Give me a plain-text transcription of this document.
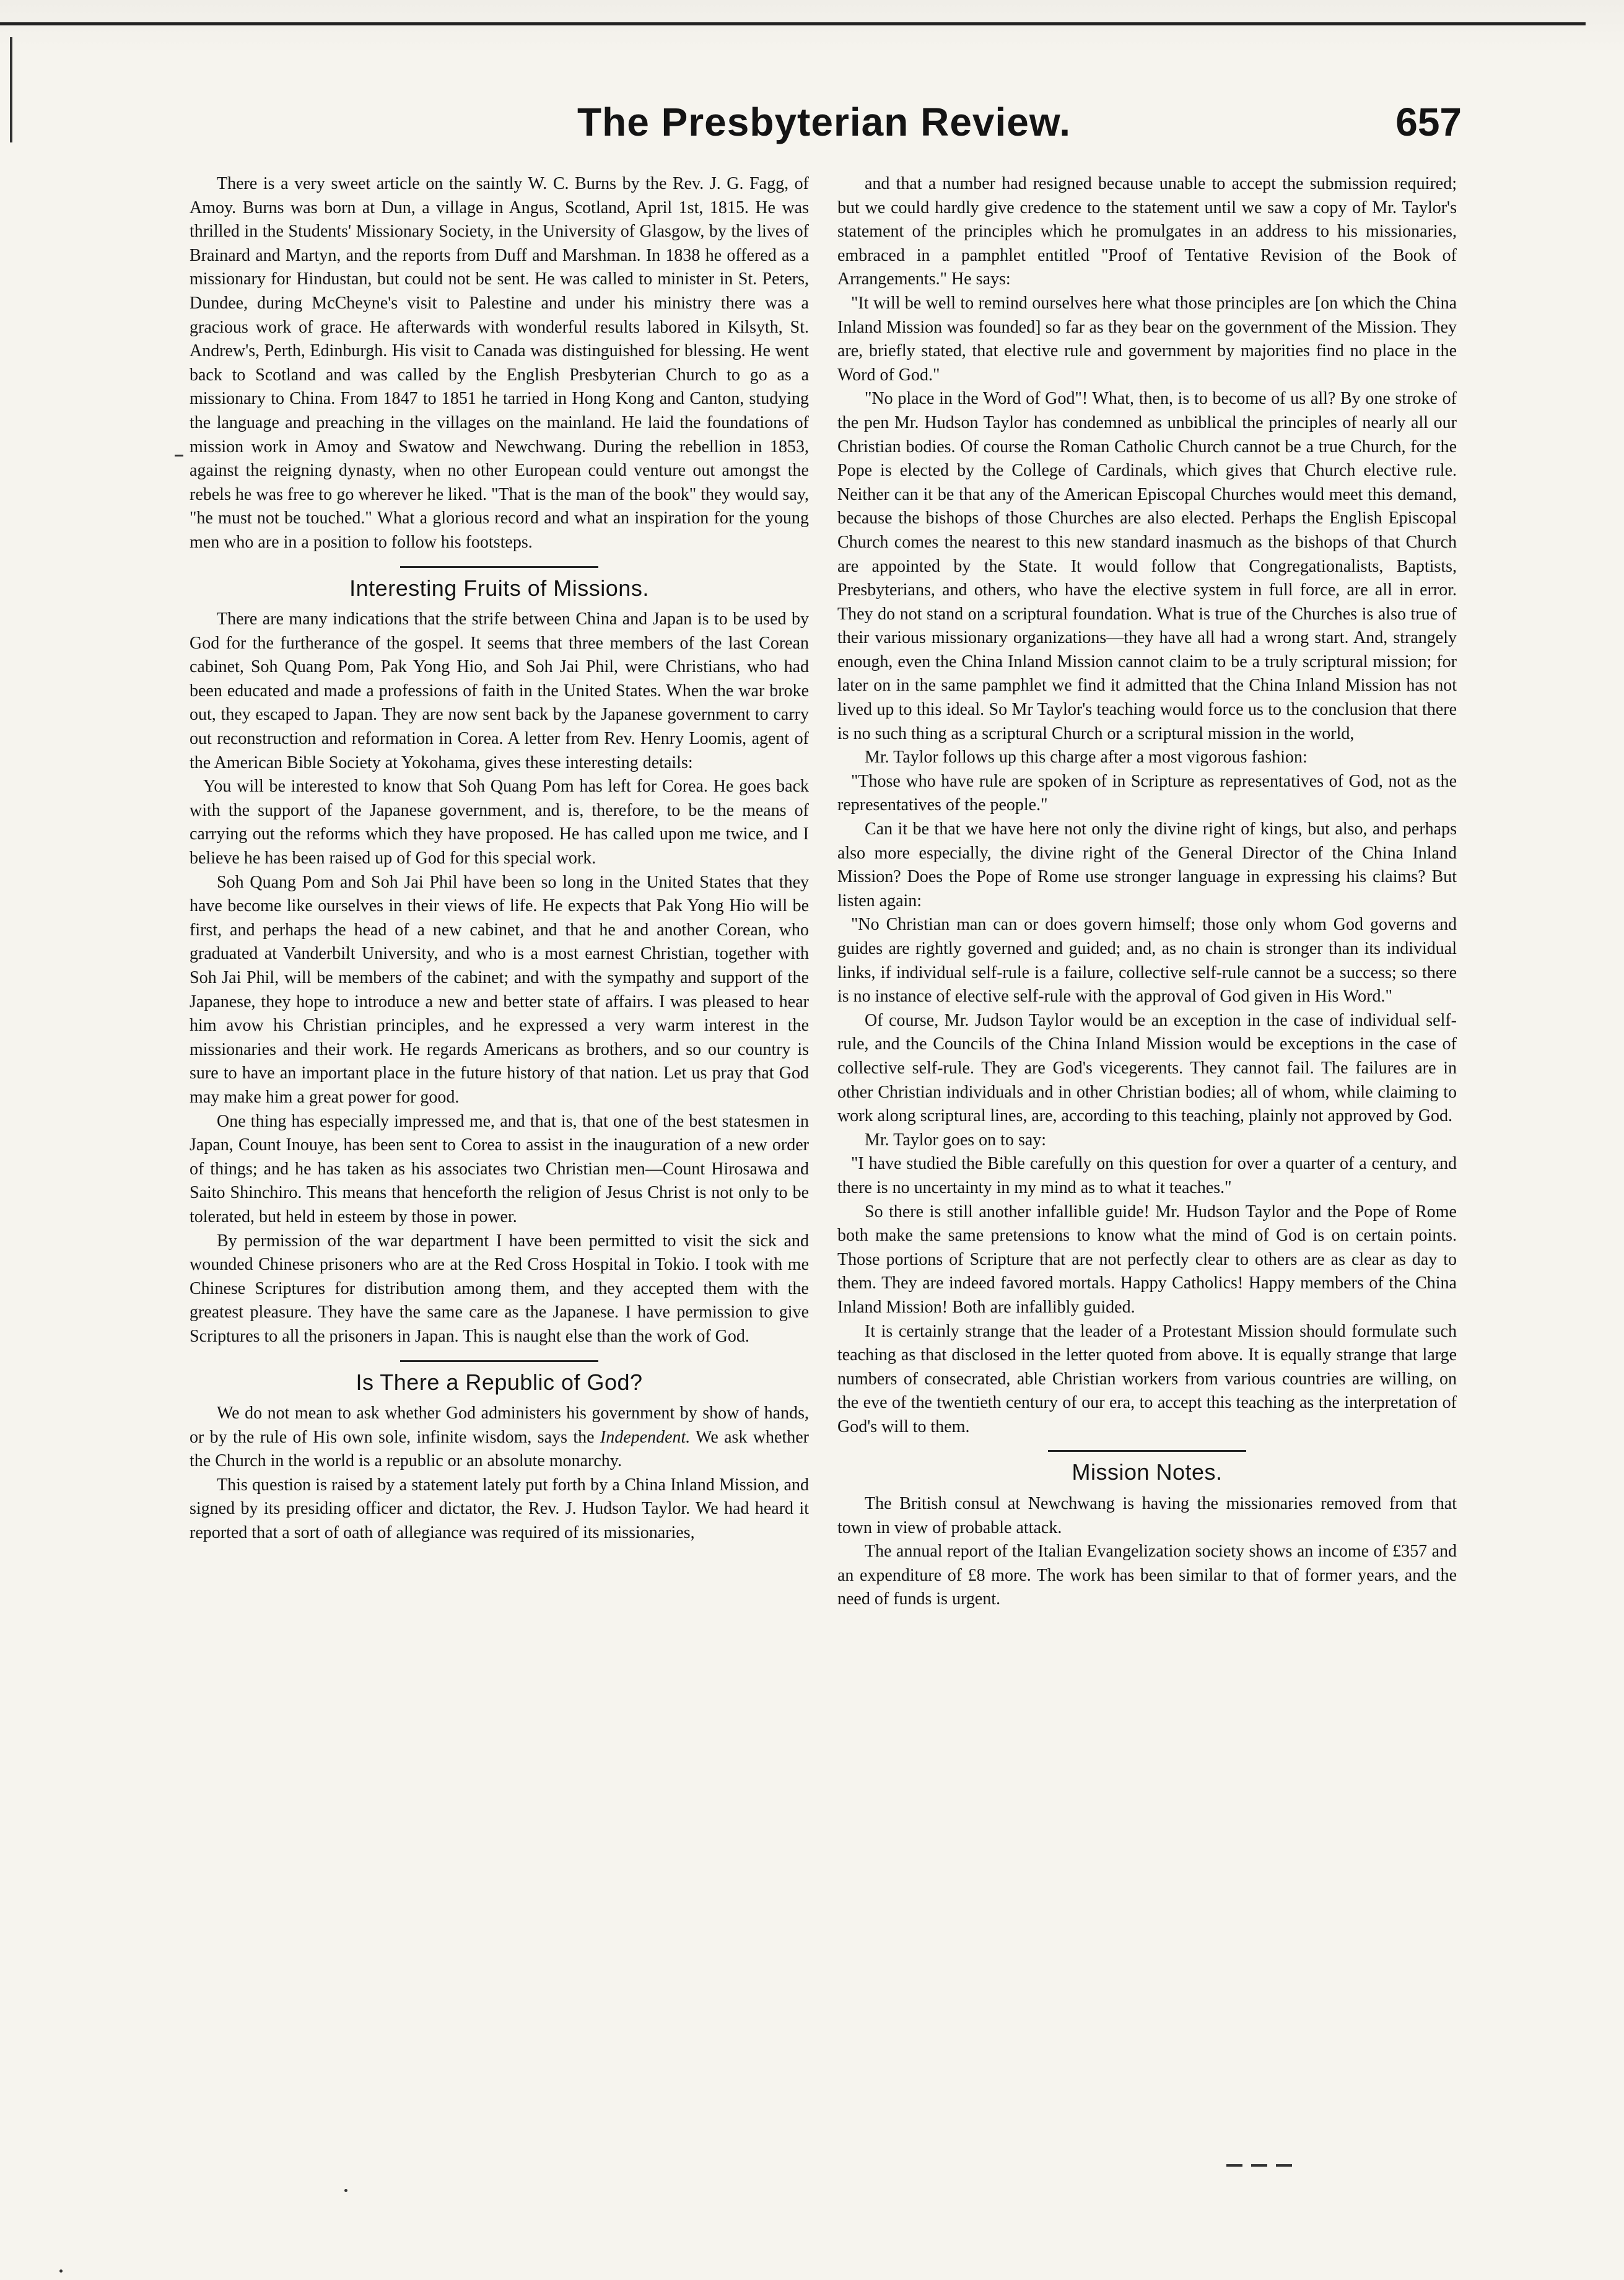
The Presbyterian Review.	657

There is a very sweet article on the saintly W. C. Burns by the Rev. J. G. Fagg, of Amoy. Burns was born at Dun, a village in Angus, Scotland, April 1st, 1815. He was thrilled in the Students' Missionary Society, in the University of Glasgow, by the lives of Brainard and Martyn, and the reports from Duff and Marshman. In 1838 he offered as a missionary for Hindustan, but could not be sent. He was called to minister in St. Peters, Dundee, during McCheyne's visit to Palestine and under his ministry there was a gracious work of grace. He afterwards with wonderful results labored in Kilsyth, St. Andrew's, Perth, Edinburgh. His visit to Canada was distinguished for blessing. He went back to Scotland and was called by the English Presbyterian Church to go as a missionary to China. From 1847 to 1851 he tarried in Hong Kong and Canton, studying the language and preaching in the villages on the mainland. He laid the foundations of mission work in Amoy and Swatow and Newchwang. During the rebellion in 1853, against the reigning dynasty, when no other European could venture out amongst the rebels he was free to go wherever he liked. "That is the man of the book" they would say, "he must not be touched." What a glorious record and what an inspiration for the young men who are in a position to follow his footsteps.

Interesting Fruits of Missions.

There are many indications that the strife between China and Japan is to be used by God for the furtherance of the gospel. It seems that three members of the last Corean cabinet, Soh Quang Pom, Pak Yong Hio, and Soh Jai Phil, were Christians, who had been educated and made a professions of faith in the United States. When the war broke out, they escaped to Japan. They are now sent back by the Japanese government to carry out reconstruction and reformation in Corea. A letter from Rev. Henry Loomis, agent of the American Bible Society at Yokohama, gives these interesting details:

You will be interested to know that Soh Quang Pom has left for Corea. He goes back with the support of the Japanese government, and is, therefore, to be the means of carrying out the reforms which they have proposed. He has called upon me twice, and I believe he has been raised up of God for this special work.

Soh Quang Pom and Soh Jai Phil have been so long in the United States that they have become like ourselves in their views of life. He expects that Pak Yong Hio will be first, and perhaps the head of a new cabinet, and that he and another Corean, who graduated at Vanderbilt University, and who is a most earnest Christian, together with Soh Jai Phil, will be members of the cabinet; and with the sympathy and support of the Japanese, they hope to introduce a new and better state of affairs. I was pleased to hear him avow his Christian principles, and he expressed a very warm interest in the missionaries and their work. He regards Americans as brothers, and so our country is sure to have an important place in the future history of that nation. Let us pray that God may make him a great power for good.

One thing has especially impressed me, and that is, that one of the best statesmen in Japan, Count Inouye, has been sent to Corea to assist in the inauguration of a new order of things; and he has taken as his associates two Christian men—Count Hirosawa and Saito Shinchiro. This means that henceforth the religion of Jesus Christ is not only to be tolerated, but held in esteem by those in power.

By permission of the war department I have been permitted to visit the sick and wounded Chinese prisoners who are at the Red Cross Hospital in Tokio. I took with me Chinese Scriptures for distribution among them, and they accepted them with the greatest pleasure. They have the same care as the Japanese. I have permission to give Scriptures to all the prisoners in Japan. This is naught else than the work of God.

Is There a Republic of God?

We do not mean to ask whether God administers his government by show of hands, or by the rule of His own sole, infinite wisdom, says the Independent. We ask whether the Church in the world is a republic or an absolute monarchy.

This question is raised by a statement lately put forth by a China Inland Mission, and signed by its presiding officer and dictator, the Rev. J. Hudson Taylor. We had heard it reported that a sort of oath of allegiance was required of its missionaries,

and that a number had resigned because unable to accept the submission required; but we could hardly give credence to the statement until we saw a copy of Mr. Taylor's statement of the principles which he promulgates in an address to his missionaries, embraced in a pamphlet entitled "Proof of Tentative Revision of the Book of Arrangements." He says:

"It will be well to remind ourselves here what those principles are [on which the China Inland Mission was founded] so far as they bear on the government of the Mission. They are, briefly stated, that elective rule and government by majorities find no place in the Word of God."

"No place in the Word of God"! What, then, is to become of us all? By one stroke of the pen Mr. Hudson Taylor has condemned as unbiblical the principles of nearly all our Christian bodies. Of course the Roman Catholic Church cannot be a true Church, for the Pope is elected by the College of Cardinals, which gives that Church elective rule. Neither can it be that any of the American Episcopal Churches would meet this demand, because the bishops of those Churches are also elected. Perhaps the English Episcopal Church comes the nearest to this new standard inasmuch as the bishops of that Church are appointed by the State. It would follow that Congregationalists, Baptists, Presbyterians, and others, who have the elective system in full force, are all in error. They do not stand on a scriptural foundation. What is true of the Churches is also true of their various missionary organizations—they have all had a wrong start. And, strangely enough, even the China Inland Mission cannot claim to be a truly scriptural mission; for later on in the same pamphlet we find it admitted that the China Inland Mission has not lived up to this ideal. So Mr Taylor's teaching would force us to the conclusion that there is no such thing as a scriptural Church or a scriptural mission in the world,

Mr. Taylor follows up this charge after a most vigorous fashion:

"Those who have rule are spoken of in Scripture as representatives of God, not as the representatives of the people."

Can it be that we have here not only the divine right of kings, but also, and perhaps also more especially, the divine right of the General Director of the China Inland Mission? Does the Pope of Rome use stronger language in expressing his claims? But listen again:

"No Christian man can or does govern himself; those only whom God governs and guides are rightly governed and guided; and, as no chain is stronger than its individual links, if individual self-rule is a failure, collective self-rule cannot be a success; so there is no instance of elective self-rule with the approval of God given in His Word."

Of course, Mr. Judson Taylor would be an exception in the case of individual self-rule, and the Councils of the China Inland Mission would be exceptions in the case of collective self-rule. They are God's vicegerents. They cannot fail. The failures are in other Christian individuals and in other Christian bodies; all of whom, while claiming to work along scriptural lines, are, according to this teaching, plainly not approved by God.

Mr. Taylor goes on to say:

"I have studied the Bible carefully on this question for over a quarter of a century, and there is no uncertainty in my mind as to what it teaches."

So there is still another infallible guide! Mr. Hudson Taylor and the Pope of Rome both make the same pretensions to know what the mind of God is on certain points. Those portions of Scripture that are not perfectly clear to others are as clear as day to them. They are indeed favored mortals. Happy Catholics! Happy members of the China Inland Mission! Both are infallibly guided.

It is certainly strange that the leader of a Protestant Mission should formulate such teaching as that disclosed in the letter quoted from above. It is equally strange that large numbers of consecrated, able Christian workers from various countries are willing, on the eve of the twentieth century of our era, to accept this teaching as the interpretation of God's will to them.

Mission Notes.

The British consul at Newchwang is having the missionaries removed from that town in view of probable attack.

The annual report of the Italian Evangelization society shows an income of £357 and an expenditure of £8 more. The work has been similar to that of former years, and the need of funds is urgent.
